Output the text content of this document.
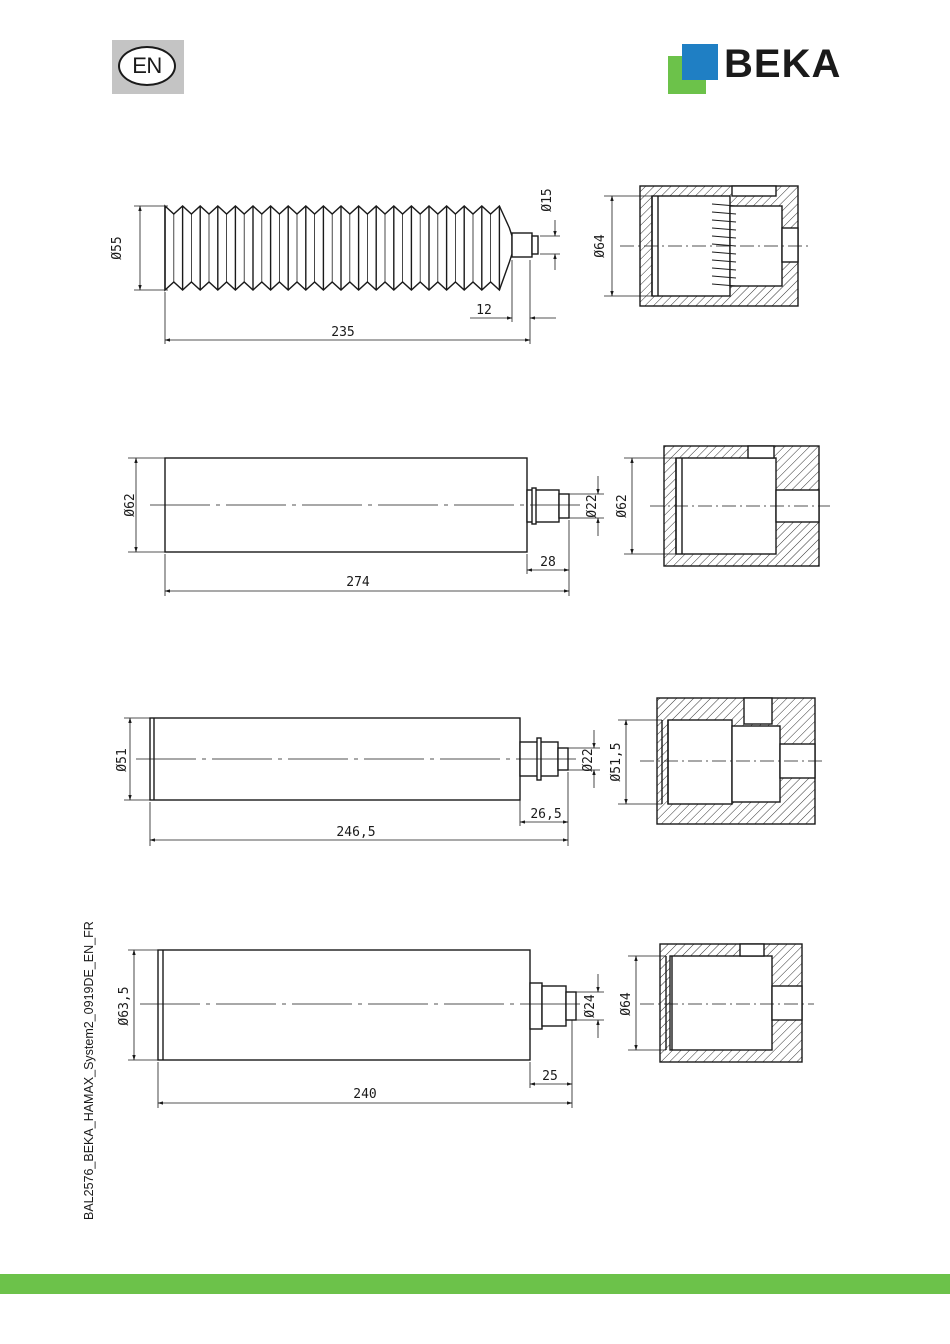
EN	BEKA
Ø55
235
12
Ø15
Ø64
Ø62
274
28
Ø22 Ø62
Ø51
246,5
26,5
Ø22 Ø51,5
Ø63,5
240
25
Ø24 Ø64
BAL2576_BEKA_HAMAX_System2_0919DE_EN_FR
